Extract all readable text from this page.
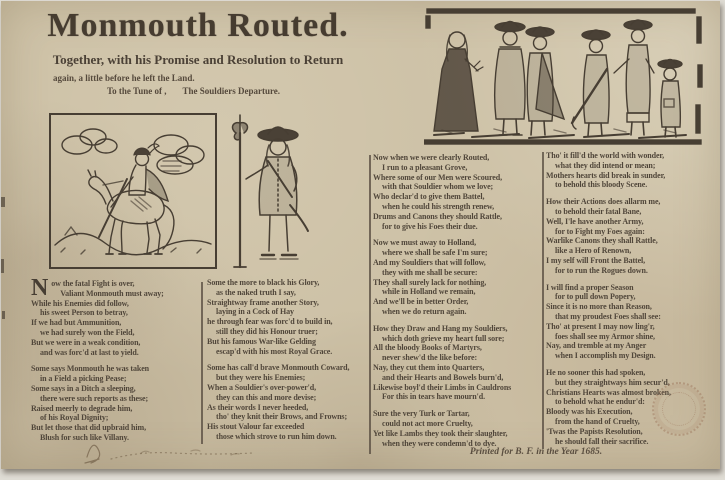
Monmouth Routed.
Together, with his Promise and Resolution to Return
again, a little before he left the Land.
To the Tune of , The Souldiers Departure.

N ow the fatal Fight is over,
Valiant Monmouth must away;
While his Enemies did follow,
his sweet Person to betray,
If we had but Ammunition,
we had surely won the Field,
But we were in a weak condition,
and was forc'd at last to yield.

Some says Monmouth he was taken
in a Field a picking Pease;
Some says in a Ditch a sleeping,
there were such reports as these;
Raised meerly to degrade him,
of his Royal Dignity;
But let those that did upbraid him,
Blush for such like Villany.

Some the more to black his Glory,
as the naked truth I say,
Straightway frame another Story,
laying in a Cock of Hay
he through fear was forc'd to build in,
still they did his Honour truer;
But his famous War-like Gelding
escap'd with his most Royal Grace.

Some has call'd brave Monmouth Coward,
but they were his Enemies;
When a Souldier's over-power'd,
they can this and more devise;
As their words I never heeded,
tho' they knit their Brows, and Frowns;
His stout Valour far exceeded
those which strove to run him down.

Now when we were clearly Routed,
I run to a pleasant Grove,
Where some of our Men were Scoured,
with that Souldier whom we love;
Who declar'd to give them Battel,
when he could his strength renew,
Drums and Canons they should Rattle,
for to give his Foes their due.

Now we must away to Holland,
where we shall be safe I'm sure;
And my Souldiers that will follow,
they with me shall be secure:
They shall surely lack for nothing,
while in Holland we remain,
And we'll be in better Order,
when we do return again.

How they Draw and Hang my Souldiers,
which doth grieve my heart full sore;
All the bloody Books of Martyrs,
never shew'd the like before:
Nay, they cut them into Quarters,
and their Hearts and Bowels burn'd,
Likewise boyl'd their Limbs in Cauldrons
For this in tears have mourn'd.

Sure the very Turk or Tartar,
could not act more Cruelty,
Yet like Lambs they took their slaughter,
when they were condemn'd to dye.

Tho' it fill'd the world with wonder,
what they did intend or mean;
Mothers hearts did break in sunder,
to behold this bloody Scene.

How their Actions does allarm me,
to behold their fatal Bane,
Well, I'le have another Army,
for to Fight my Foes again:
Warlike Canons they shall Rattle,
like a Hero of Renown,
I my self will Front the Battel,
for to run the Rogues down.

I will find a proper Season
for to pull down Popery,
Since it is no more than Reason,
that my proudest Foes shall see:
Tho' at present I may now ling'r,
foes shall see my Armor shine,
Nay, and tremble at my Anger
when I accomplish my Design.

He no sooner this had spoken,
but they straightways him secur'd,
Christians Hearts was almost broken,
to behold what he endur'd:
Bloody was his Execution,
from the hand of Cruelty,
'Twas the Papists Resolution,
he should fall their sacrifice.

Printed for B. F. in the Year 1685.
